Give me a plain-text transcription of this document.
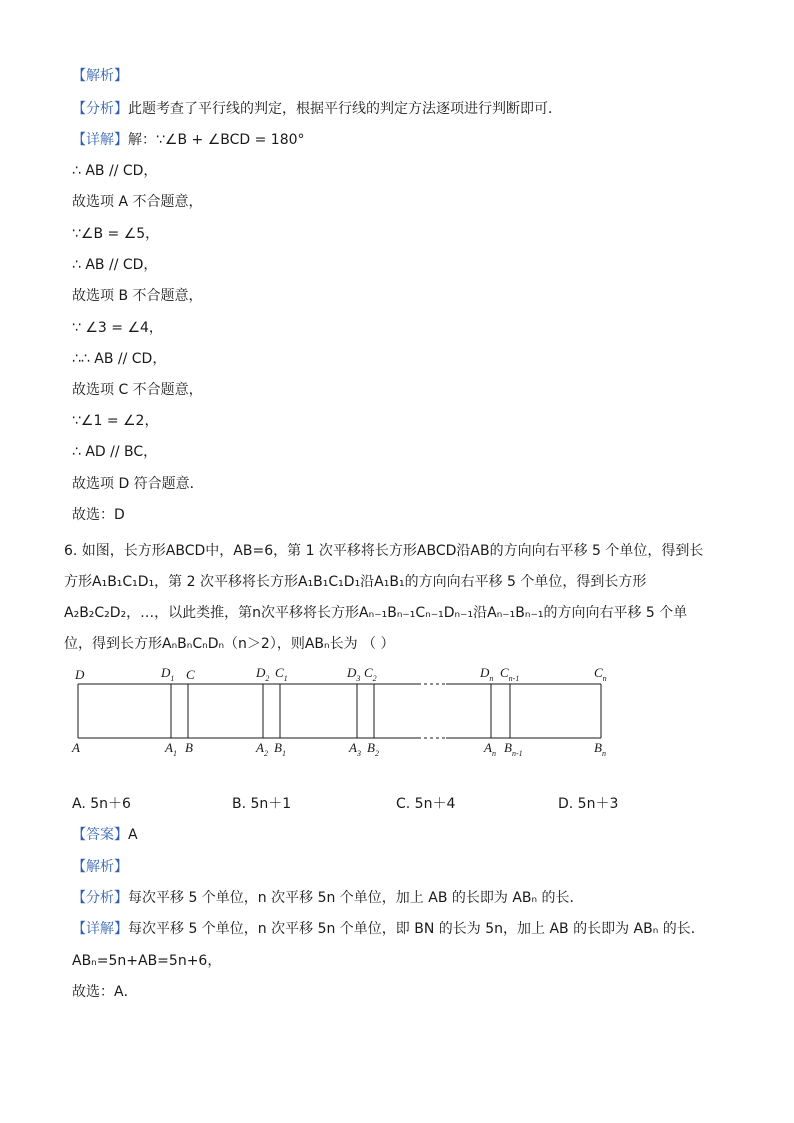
【解析】
【分析】此题考查了平行线的判定，根据平行线的判定方法逐项进行判断即可．
【详解】解：∵∠B + ∠BCD = 180°
∴ AB // CD，
故选项 A 不合题意，
∵∠B = ∠5，
∴ AB // CD，
故选项 B 不合题意，
∵ ∠3 = ∠4，
∴∴ AB // CD，
故选项 C 不合题意，
∵∠1 = ∠2，
∴ AD // BC，
故选项 D 符合题意．
故选：D
6. 如图，长方形ABCD中，AB=6，第 1 次平移将长方形ABCD沿AB的方向向右平移 5 个单位，得到长
方形A₁B₁C₁D₁，第 2 次平移将长方形A₁B₁C₁D₁沿A₁B₁的方向向右平移 5 个单位，得到长方形
A₂B₂C₂D₂，…，以此类推，第n次平移将长方形Aₙ₋₁Bₙ₋₁Cₙ₋₁Dₙ₋₁沿Aₙ₋₁Bₙ₋₁的方向向右平移 5 个单
位，得到长方形AₙBₙCₙDₙ（n＞2），则ABₙ长为 （ ）
D	$D_1$ C	$D_2$ $C_1$	$D_3$ $C_2$	$D_n$ $C_{n-1}$	$C_n$
A	$A_1$ B	$A_2$ $B_1$	$A_3$ $B_2$	$A_n$ $B_{n-1}$	$B_n$
A. 5n＋6	B. 5n＋1	C. 5n＋4	D. 5n＋3
【答案】A
【解析】
【分析】每次平移 5 个单位，n 次平移 5n 个单位，加上 AB 的长即为 ABₙ 的长．
【详解】每次平移 5 个单位，n 次平移 5n 个单位，即 BN 的长为 5n，加上 AB 的长即为 ABₙ 的长．
ABₙ=5n+AB=5n+6，
故选：A．
